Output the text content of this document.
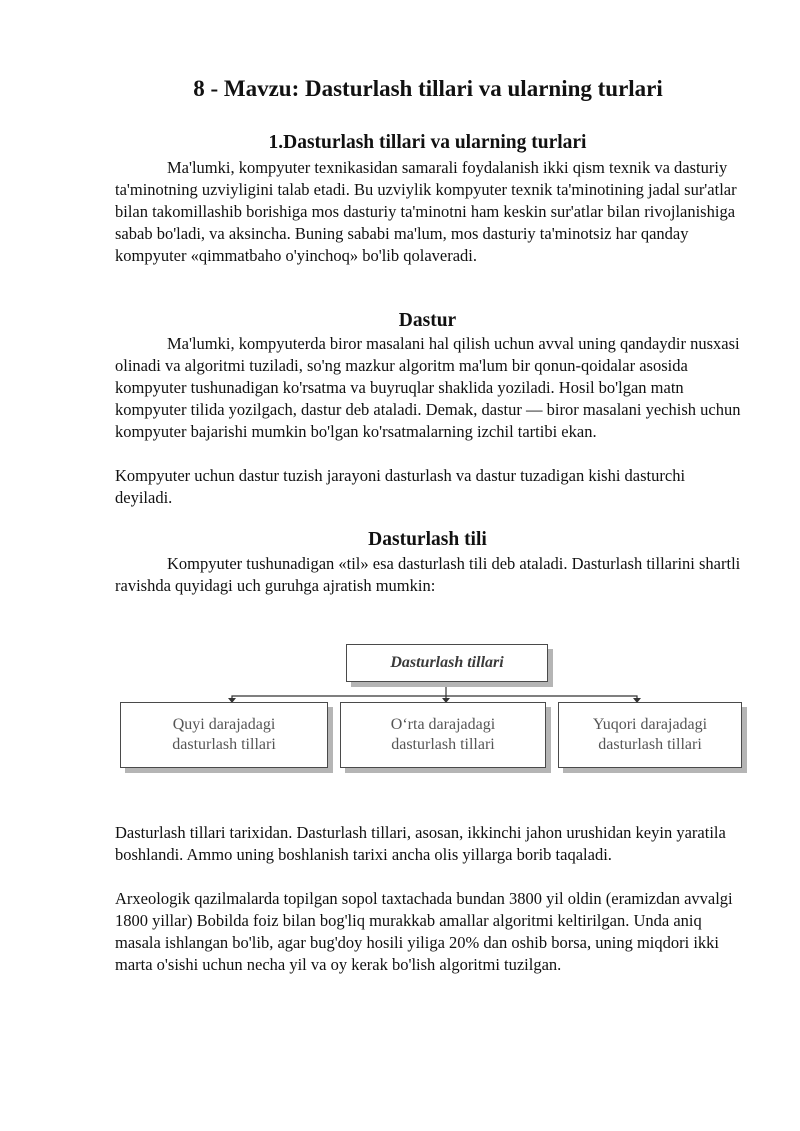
8 - Mavzu: Dasturlash tillari va ularning turlari
1.Dasturlash tillari va ularning turlari

Ma'lumki, kompyuter texnikasidan samarali foydalanish ikki qism texnik va dasturiy ta'minotning uzviyligini talab etadi. Bu uzviylik kompyuter texnik ta'minotining jadal sur'atlar bilan takomillashib borishiga mos dasturiy ta'minotni ham keskin sur'atlar bilan rivojlanishiga sabab bo'ladi, va aksincha. Buning sababi ma'lum, mos dasturiy ta'minotsiz har qanday kompyuter «qimmatbaho o'yinchoq» bo'lib qolaveradi.

Dastur

Ma'lumki, kompyuterda biror masalani hal qilish uchun avval uning qandaydir nusxasi olinadi va algoritmi tuziladi, so'ng mazkur algoritm ma'lum bir qonun-qoidalar asosida kompyuter tushunadigan ko'rsatma va buyruqlar shaklida yoziladi. Hosil bo'lgan matn kompyuter tilida yozilgach, dastur deb ataladi. Demak, dastur — biror masalani yechish uchun kompyuter bajarishi mumkin bo'lgan ko'rsatmalarning izchil tartibi ekan.

Kompyuter uchun dastur tuzish jarayoni dasturlash va dastur tuzadigan kishi dasturchi deyiladi.

Dasturlash tili

Kompyuter tushunadigan «til» esa dasturlash tili deb ataladi. Dasturlash tillarini shartli ravishda quyidagi uch guruhga ajratish mumkin:

Dasturlash tillari
Quyi darajadagi
dasturlash tillari
O‘rta darajadagi
dasturlash tillari
Yuqori darajadagi
dasturlash tillari

Dasturlash tillari tarixidan. Dasturlash tillari, asosan, ikkinchi jahon urushidan keyin yaratila boshlandi. Ammo uning boshlanish tarixi ancha olis yillarga borib taqaladi.

Arxeologik qazilmalarda topilgan sopol taxtachada bundan 3800 yil oldin (eramizdan avvalgi 1800 yillar) Bobilda foiz bilan bog'liq murakkab amallar algoritmi keltirilgan. Unda aniq masala ishlangan bo'lib, agar bug'doy hosili yiliga 20% dan oshib borsa, uning miqdori ikki marta o'sishi uchun necha yil va oy kerak bo'lish algoritmi tuzilgan.
